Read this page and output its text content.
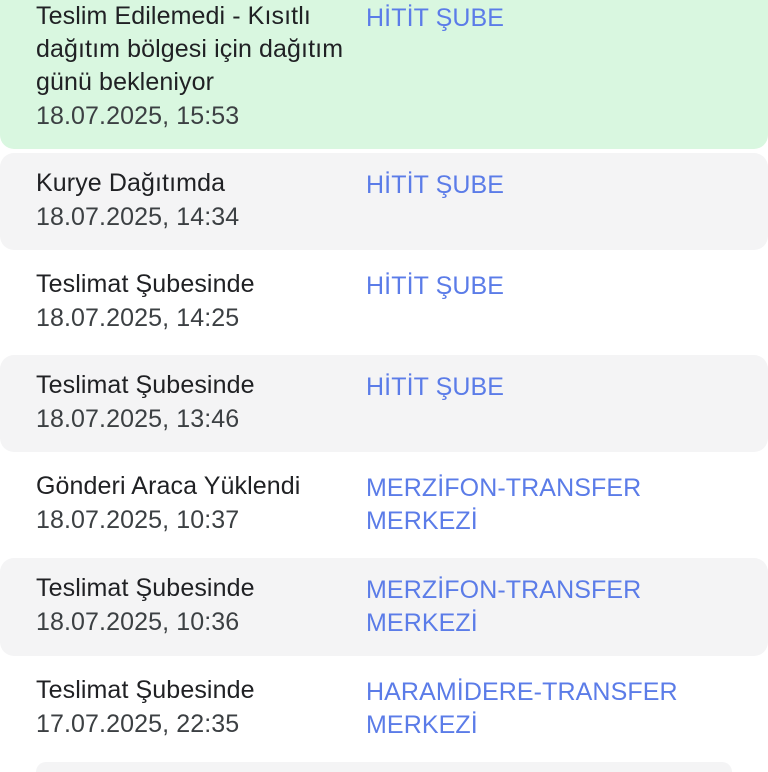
Teslim Edilemedi - Kısıtlı dağıtım bölgesi için dağıtım günü bekleniyor
18.07.2025, 15:53
HİTİT ŞUBE
Kurye Dağıtımda
18.07.2025, 14:34
HİTİT ŞUBE
Teslimat Şubesinde
18.07.2025, 14:25
HİTİT ŞUBE
Teslimat Şubesinde
18.07.2025, 13:46
HİTİT ŞUBE
Gönderi Araca Yüklendi
18.07.2025, 10:37
MERZİFON-TRANSFER MERKEZİ
Teslimat Şubesinde
18.07.2025, 10:36
MERZİFON-TRANSFER MERKEZİ
Teslimat Şubesinde
17.07.2025, 22:35
HARAMİDERE-TRANSFER MERKEZİ
